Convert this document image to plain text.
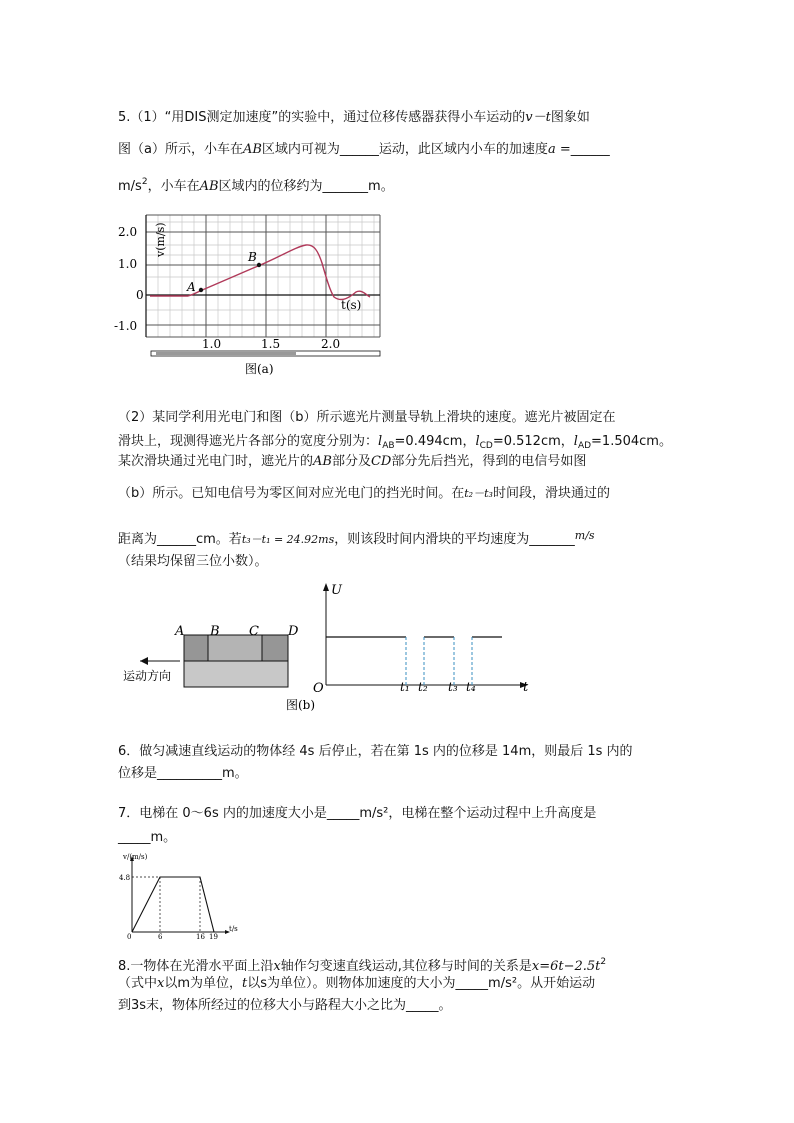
5.（1）“用DIS测定加速度”的实验中，通过位移传感器获得小车运动的v－t图象如
图（a）所示，小车在AB区域内可视为______运动，此区域内小车的加速度a =______
$m/s^2$，小车在AB区域内的位移约为_______m。
A
B
v(m/s)
t(s)
2.0
1.0
0
-1.0
1.0	1.5	2.0
图(a)
（2）某同学利用光电门和图（b）所示遮光片测量导轨上滑块的速度。遮光片被固定在
滑块上，现测得遮光片各部分的宽度分别为：$l_{AB}=0.494cm$，$l_{CD}=0.512cm$，$l_{AD}=1.504cm$。
某次滑块通过光电门时，遮光片的AB部分及CD部分先后挡光，得到的电信号如图
（b）所示。已知电信号为零区间对应光电门的挡光时间。在t₂－t₃时间段，滑块通过的
距离为______cm。若t₃－t₁ = 24.92ms，则该段时间内滑块的平均速度为_______$^{m/s}$
（结果均保留三位小数）。
A B C D
运动方向
U
O	t
t₁ t₂ t₃ t₄
图(b)
6．做匀减速直线运动的物体经 4s 后停止，若在第 1s 内的位移是 14m，则最后 1s 内的
位移是__________m。
7．电梯在 0～6s 内的加速度大小是_____m/s²，电梯在整个运动过程中上升高度是
_____m。
v/(m/s)
t/s
4.8
0	6	16 19
8.一物体在光滑水平面上沿x轴作匀变速直线运动,其位移与时间的关系是$x=6t-2.5t^2$
（式中x以m为单位，t以s为单位）。则物体加速度的大小为_____m/s²。从开始运动
到3s末，物体所经过的位移大小与路程大小之比为_____。
